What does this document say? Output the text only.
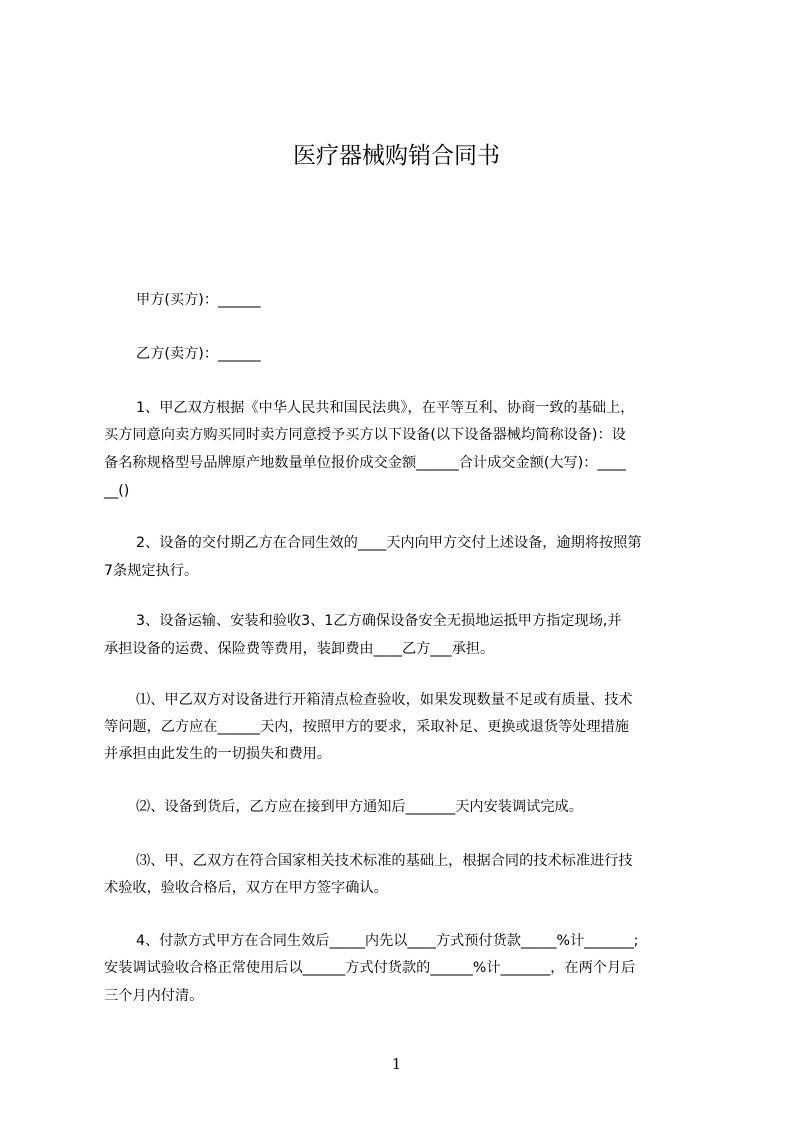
医疗器械购销合同书
甲方(买方)：______
乙方(卖方)：______
1、甲乙双方根据《中华人民共和国民法典》，在平等互利、协商一致的基础上，
买方同意向卖方购买同时卖方同意授予买方以下设备(以下设备器械均简称设备)：设
备名称规格型号品牌原产地数量单位报价成交金额______合计成交金额(大写)：____
__()
2、设备的交付期乙方在合同生效的____天内向甲方交付上述设备，逾期将按照第
7条规定执行。
3、设备运输、安装和验收3、1乙方确保设备安全无损地运抵甲方指定现场,并
承担设备的运费、保险费等费用，装卸费由____乙方___承担。
⑴、甲乙双方对设备进行开箱清点检查验收，如果发现数量不足或有质量、技术
等问题，乙方应在______天内，按照甲方的要求，采取补足、更换或退货等处理措施
并承担由此发生的一切损失和费用。
⑵、设备到货后，乙方应在接到甲方通知后_______天内安装调试完成。
⑶、甲、乙双方在符合国家相关技术标准的基础上，根据合同的技术标准进行技
术验收，验收合格后，双方在甲方签字确认。
4、付款方式甲方在合同生效后_____内先以____方式预付货款_____%计_______;
安装调试验收合格正常使用后以______方式付货款的______%计_______，在两个月后
三个月内付清。
1
